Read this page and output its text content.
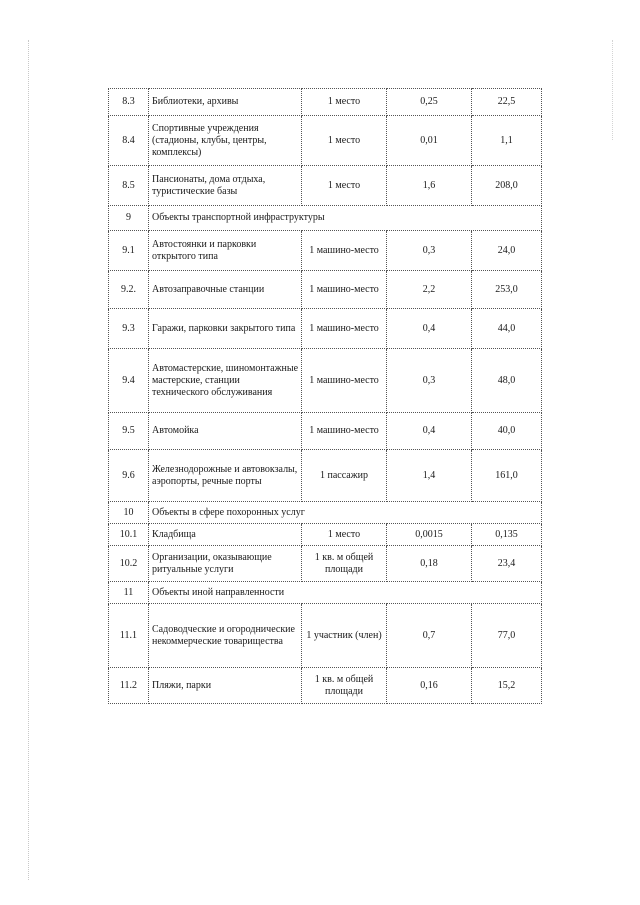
8.3	Библиотеки, архивы	1 место	0,25	22,5
8.4	Спортивные учреждения (стадионы, клубы, центры, комплексы)	1 место	0,01	1,1
8.5	Пансионаты, дома отдыха, туристические базы	1 место	1,6	208,0
9	Объекты транспортной инфраструктуры			
9.1	Автостоянки и парковки открытого типа	1 машино-место	0,3	24,0
9.2.	Автозаправочные станции	1 машино-место	2,2	253,0
9.3	Гаражи, парковки закрытого типа	1 машино-место	0,4	44,0
9.4	Автомастерские, шиномонтажные мастерские, станции технического обслуживания	1 машино-место	0,3	48,0
9.5	Автомойка	1 машино-место	0,4	40,0
9.6	Железнодорожные и автовокзалы, аэропорты, речные порты	1 пассажир	1,4	161,0
10	Объекты в сфере похоронных услуг			
10.1	Кладбища	1 место	0,0015	0,135
10.2	Организации, оказывающие ритуальные услуги	1 кв. м общей площади	0,18	23,4
11	Объекты иной направленности			
11.1	Садоводческие и огороднические некоммерческие товарищества	1 участник (член)	0,7	77,0
11.2	Пляжи, парки	1 кв. м общей площади	0,16	15,2
